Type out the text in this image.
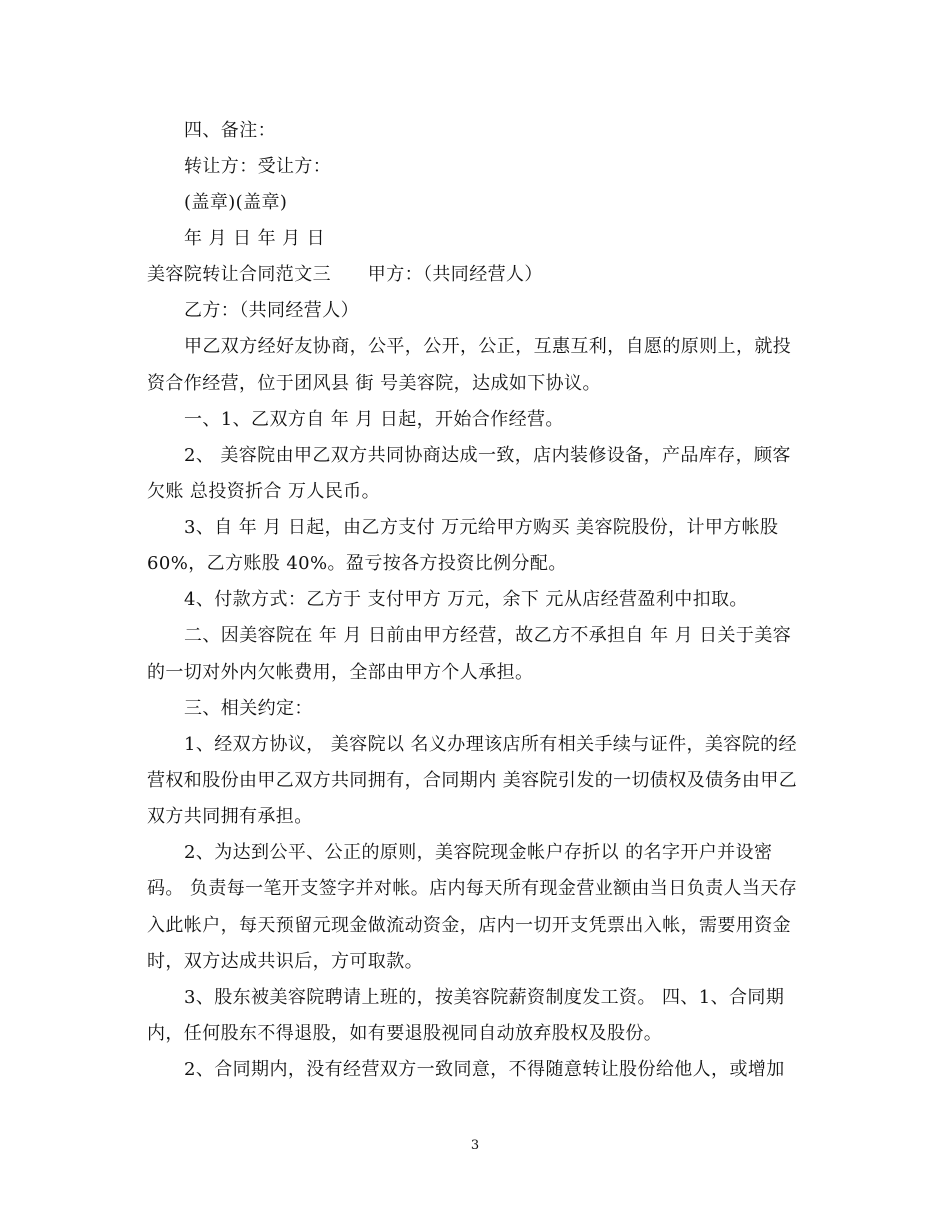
四、备注：
转让方：受让方：
(盖章)(盖章)
年 月 日 年 月 日
美容院转让合同范文三　　甲方：（共同经营人）
乙方：（共同经营人）
甲乙双方经好友协商，公平，公开，公正，互惠互利，自愿的原则上，就投
资合作经营，位于团风县 街 号美容院，达成如下协议。
一、1、乙双方自 年 月 日起，开始合作经营。
2、 美容院由甲乙双方共同协商达成一致，店内装修设备，产品库存，顾客
欠账 总投资折合 万人民币。
3、自 年 月 日起，由乙方支付 万元给甲方购买 美容院股份，计甲方帐股
60%，乙方账股 40%。盈亏按各方投资比例分配。
4、付款方式：乙方于 支付甲方 万元，余下 元从店经营盈利中扣取。
二、因美容院在 年 月 日前由甲方经营，故乙方不承担自 年 月 日关于美容
的一切对外内欠帐费用，全部由甲方个人承担。
三、相关约定：
1、经双方协议， 美容院以 名义办理该店所有相关手续与证件，美容院的经
营权和股份由甲乙双方共同拥有，合同期内 美容院引发的一切债权及债务由甲乙
双方共同拥有承担。
2、为达到公平、公正的原则，美容院现金帐户存折以 的名字开户并设密
码。 负责每一笔开支签字并对帐。店内每天所有现金营业额由当日负责人当天存
入此帐户，每天预留元现金做流动资金，店内一切开支凭票出入帐，需要用资金
时，双方达成共识后，方可取款。
3、股东被美容院聘请上班的，按美容院薪资制度发工资。 四、1、合同期
内，任何股东不得退股，如有要退股视同自动放弃股权及股份。
2、合同期内，没有经营双方一致同意，不得随意转让股份给他人，或增加
3
